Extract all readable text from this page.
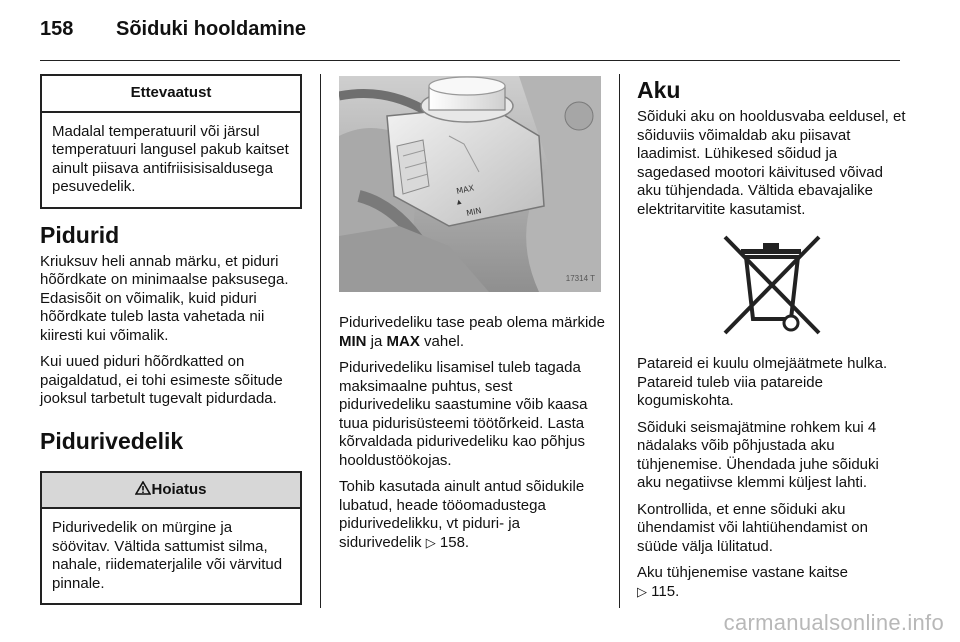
158 Sõiduki hooldamine
Ettevaatust
Madalal temperatuuril või järsul temperatuuri langusel pakub kaitset ainult piisava antifriisisisaldusega pesuvedelik.
Pidurid

Kriuksuv heli annab märku, et piduri hõõrdkate on minimaalse paksusega. Edasisõit on võimalik, kuid piduri hõõrdkate tuleb lasta vahetada nii kiiresti kui võimalik.

Kui uued piduri hõõrdkatted on paigaldatud, ei tohi esimeste sõitude jooksul tarbetult tugevalt pidurdada.

Pidurivedelik
Hoiatus
Pidurivedelik on mürgine ja söövitav. Vältida sattumist silma, nahale, riidematerjalile või värvitud pinnale.
MAX
▲
MIN
17314 T

Pidurivedeliku tase peab olema märkide MIN ja MAX vahel.

Pidurivedeliku lisamisel tuleb tagada maksimaalne puhtus, sest pidurivedeliku saastumine võib kaasa tuua pidurisüsteemi töötõrkeid. Lasta kõrvaldada pidurivedeliku kao põhjus hooldustöökojas.

Tohib kasutada ainult antud sõidukile lubatud, heade tööomadustega pidurivedelikku, vt piduri- ja sidurivedelik ▷ 158.

Aku

Sõiduki aku on hooldusvaba eeldusel, et sõiduviis võimaldab aku piisavat laadimist. Lühikesed sõidud ja sagedased mootori käivitused võivad aku tühjendada. Vältida ebavajalike elektritarvitite kasutamist.

Patareid ei kuulu olmejäätmete hulka. Patareid tuleb viia patareide kogumiskohta.

Sõiduki seismajätmine rohkem kui 4 nädalaks võib põhjustada aku tühjenemise. Ühendada juhe sõiduki aku negatiivse klemmi küljest lahti.

Kontrollida, et enne sõiduki aku ühendamist või lahtiühendamist on süüde välja lülitatud.

Aku tühjenemise vastane kaitse
▷ 115.

carmanualsonline.info
